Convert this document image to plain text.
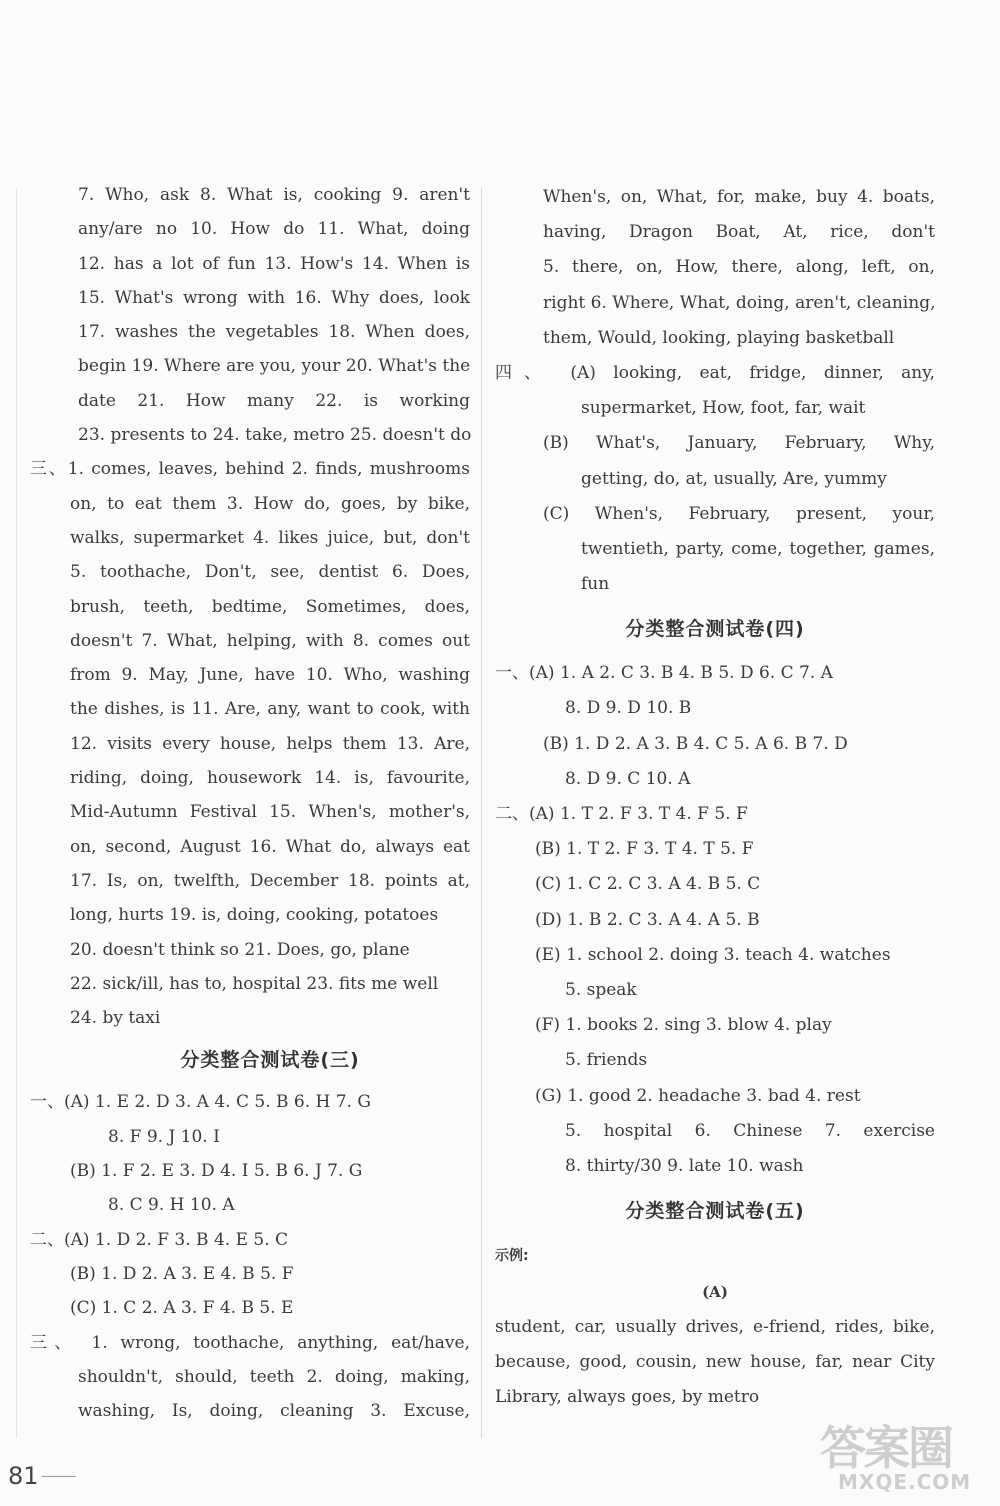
7. Who, ask 8. What is, cooking 9. aren't
any/are no 10. How do 11. What, doing
12. has a lot of fun 13. How's 14. When is
15. What's wrong with 16. Why does, look
17. washes the vegetables 18. When does,
begin 19. Where are you, your 20. What's the
date 21. How many 22. is working
23. presents to 24. take, metro 25. doesn't do
三、1. comes, leaves, behind 2. finds, mushrooms
on, to eat them 3. How do, goes, by bike,
walks, supermarket 4. likes juice, but, don't
5. toothache, Don't, see, dentist 6. Does,
brush, teeth, bedtime, Sometimes, does,
doesn't 7. What, helping, with 8. comes out
from 9. May, June, have 10. Who, washing
the dishes, is 11. Are, any, want to cook, with
12. visits every house, helps them 13. Are,
riding, doing, housework 14. is, favourite,
Mid-Autumn Festival 15. When's, mother's,
on, second, August 16. What do, always eat
17. Is, on, twelfth, December 18. points at,
long, hurts 19. is, doing, cooking, potatoes
20. doesn't think so 21. Does, go, plane
22. sick/ill, has to, hospital 23. fits me well
24. by taxi
分类整合测试卷(三)
一、(A) 1. E 2. D 3. A 4. C 5. B 6. H 7. G
8. F 9. J 10. I
(B) 1. F 2. E 3. D 4. I 5. B 6. J 7. G
8. C 9. H 10. A
二、(A) 1. D 2. F 3. B 4. E 5. C
(B) 1. D 2. A 3. E 4. B 5. F
(C) 1. C 2. A 3. F 4. B 5. E
三、 1. wrong, toothache, anything, eat/have,
shouldn't, should, teeth 2. doing, making,
washing, Is, doing, cleaning 3. Excuse,
When's, on, What, for, make, buy 4. boats,
having, Dragon Boat, At, rice, don't
5. there, on, How, there, along, left, on,
right 6. Where, What, doing, aren't, cleaning,
them, Would, looking, playing basketball
四、 (A) looking, eat, fridge, dinner, any,
supermarket, How, foot, far, wait
(B) What's, January, February, Why,
getting, do, at, usually, Are, yummy
(C) When's, February, present, your,
twentieth, party, come, together, games,
fun
分类整合测试卷(四)
一、(A) 1. A 2. C 3. B 4. B 5. D 6. C 7. A
8. D 9. D 10. B
(B) 1. D 2. A 3. B 4. C 5. A 6. B 7. D
8. D 9. C 10. A
二、(A) 1. T 2. F 3. T 4. F 5. F
(B) 1. T 2. F 3. T 4. T 5. F
(C) 1. C 2. C 3. A 4. B 5. C
(D) 1. B 2. C 3. A 4. A 5. B
(E) 1. school 2. doing 3. teach 4. watches
5. speak
(F) 1. books 2. sing 3. blow 4. play
5. friends
(G) 1. good 2. headache 3. bad 4. rest
5. hospital 6. Chinese 7. exercise
8. thirty/30 9. late 10. wash
分类整合测试卷(五)
示例:
(A)
student, car, usually drives, e-friend, rides, bike,
because, good, cousin, new house, far, near City
Library, always goes, by metro
81
答案圈
MXQE.COM
